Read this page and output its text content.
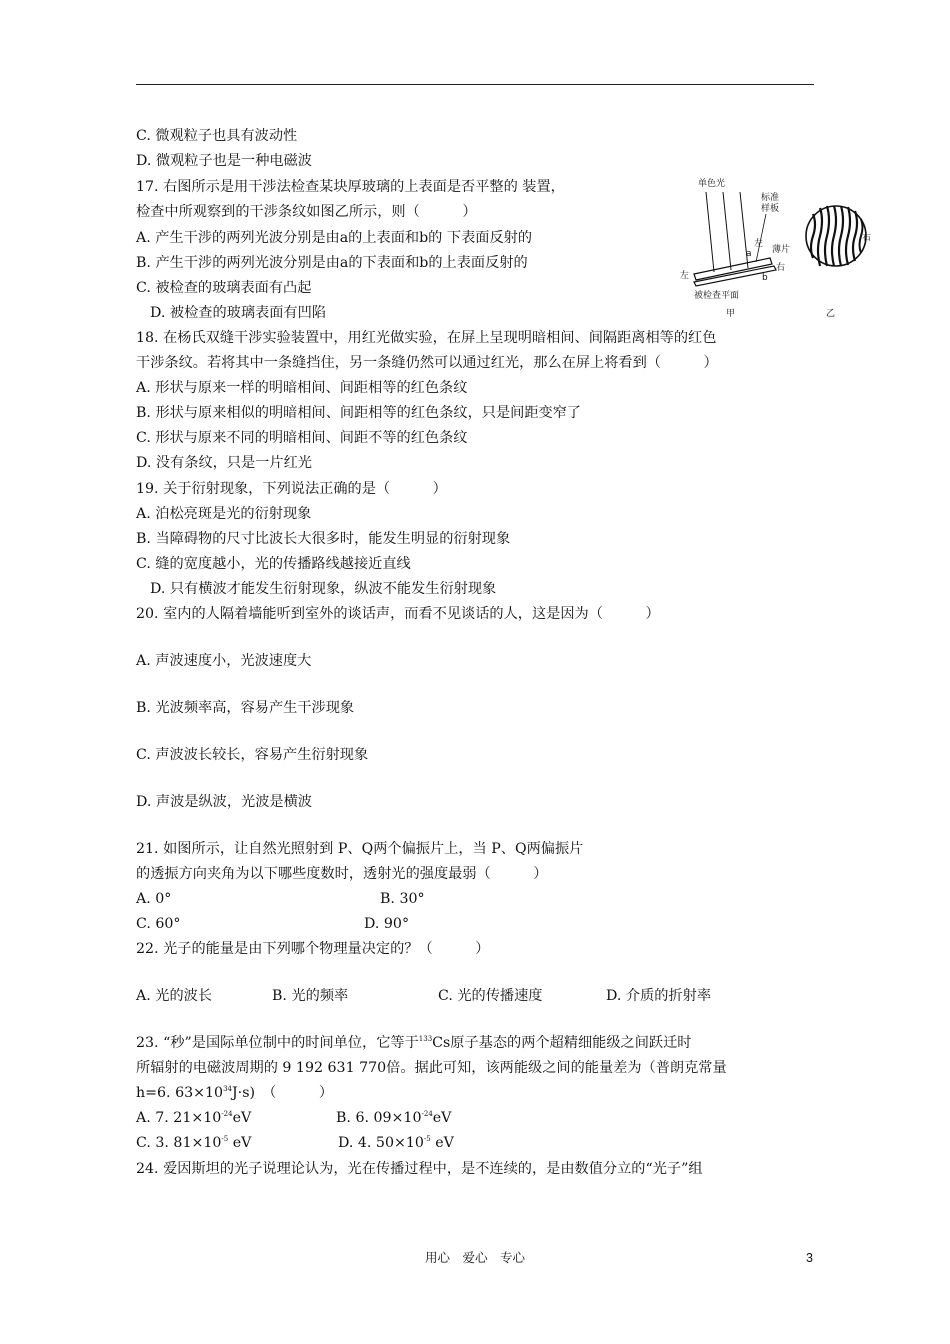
C. 微观粒子也具有波动性
D. 微观粒子也是一种电磁波
17. 右图所示是用干涉法检查某块厚玻璃的上表面是否平整的 装置，
检查中所观察到的干涉条纹如图乙所示，则（　　　）
A. 产生干涉的两列光波分别是由a的上表面和b的 下表面反射的
B. 产生干涉的两列光波分别是由a的下表面和b的上表面反射的
C. 被检查的玻璃表面有凸起
D. 被检查的玻璃表面有凹陷
单色光
标准
样板
左
薄片
a
b
左
右
被检查平面
甲
右
乙
18. 在杨氏双缝干涉实验装置中，用红光做实验，在屏上呈现明暗相间、间隔距离相等的红色
干涉条纹。若将其中一条缝挡住，另一条缝仍然可以通过红光，那么在屏上将看到（　　　）
A. 形状与原来一样的明暗相间、间距相等的红色条纹
B. 形状与原来相似的明暗相间、间距相等的红色条纹，只是间距变窄了
C. 形状与原来不同的明暗相间、间距不等的红色条纹
D. 没有条纹，只是一片红光
19. 关于衍射现象，下列说法正确的是（　　　）
A. 泊松亮斑是光的衍射现象
B. 当障碍物的尺寸比波长大很多时，能发生明显的衍射现象
C. 缝的宽度越小，光的传播路线越接近直线
D. 只有横波才能发生衍射现象，纵波不能发生衍射现象
20. 室内的人隔着墙能听到室外的谈话声，而看不见谈话的人，这是因为（　　　）
A. 声波速度小，光波速度大
B. 光波频率高，容易产生干涉现象
C. 声波波长较长，容易产生衍射现象
D. 声波是纵波，光波是横波
21. 如图所示，让自然光照射到 P、Q两个偏振片上，当 P、Q两偏振片
的透振方向夹角为以下哪些度数时，透射光的强度最弱（　　　）
A. 0°	B. 30°
C. 60°	D. 90°
22. 光子的能量是由下列哪个物理量决定的？（　　　）
A. 光的波长	B. 光的频率	C. 光的传播速度	D. 介质的折射率
23. “秒”是国际单位制中的时间单位，它等于$^{133}$Cs原子基态的两个超精细能级之间跃迁时
所辐射的电磁波周期的 9 192 631 770倍。据此可知，该两能级之间的能量差为（普朗克常量
h=6. $63\times 10^{34}J\cdot s$)　（　　　）
A. 7. $21\times 10^{-24}eV$	B. 6. $09\times 10^{-24}eV$
C. 3. $81\times 10^{-5}$ eV	D. 4. $50\times 10^{-5}$ eV
24. 爱因斯坦的光子说理论认为，光在传播过程中，是不连续的，是由数值分立的“光子”组
用心　爱心　专心	3
